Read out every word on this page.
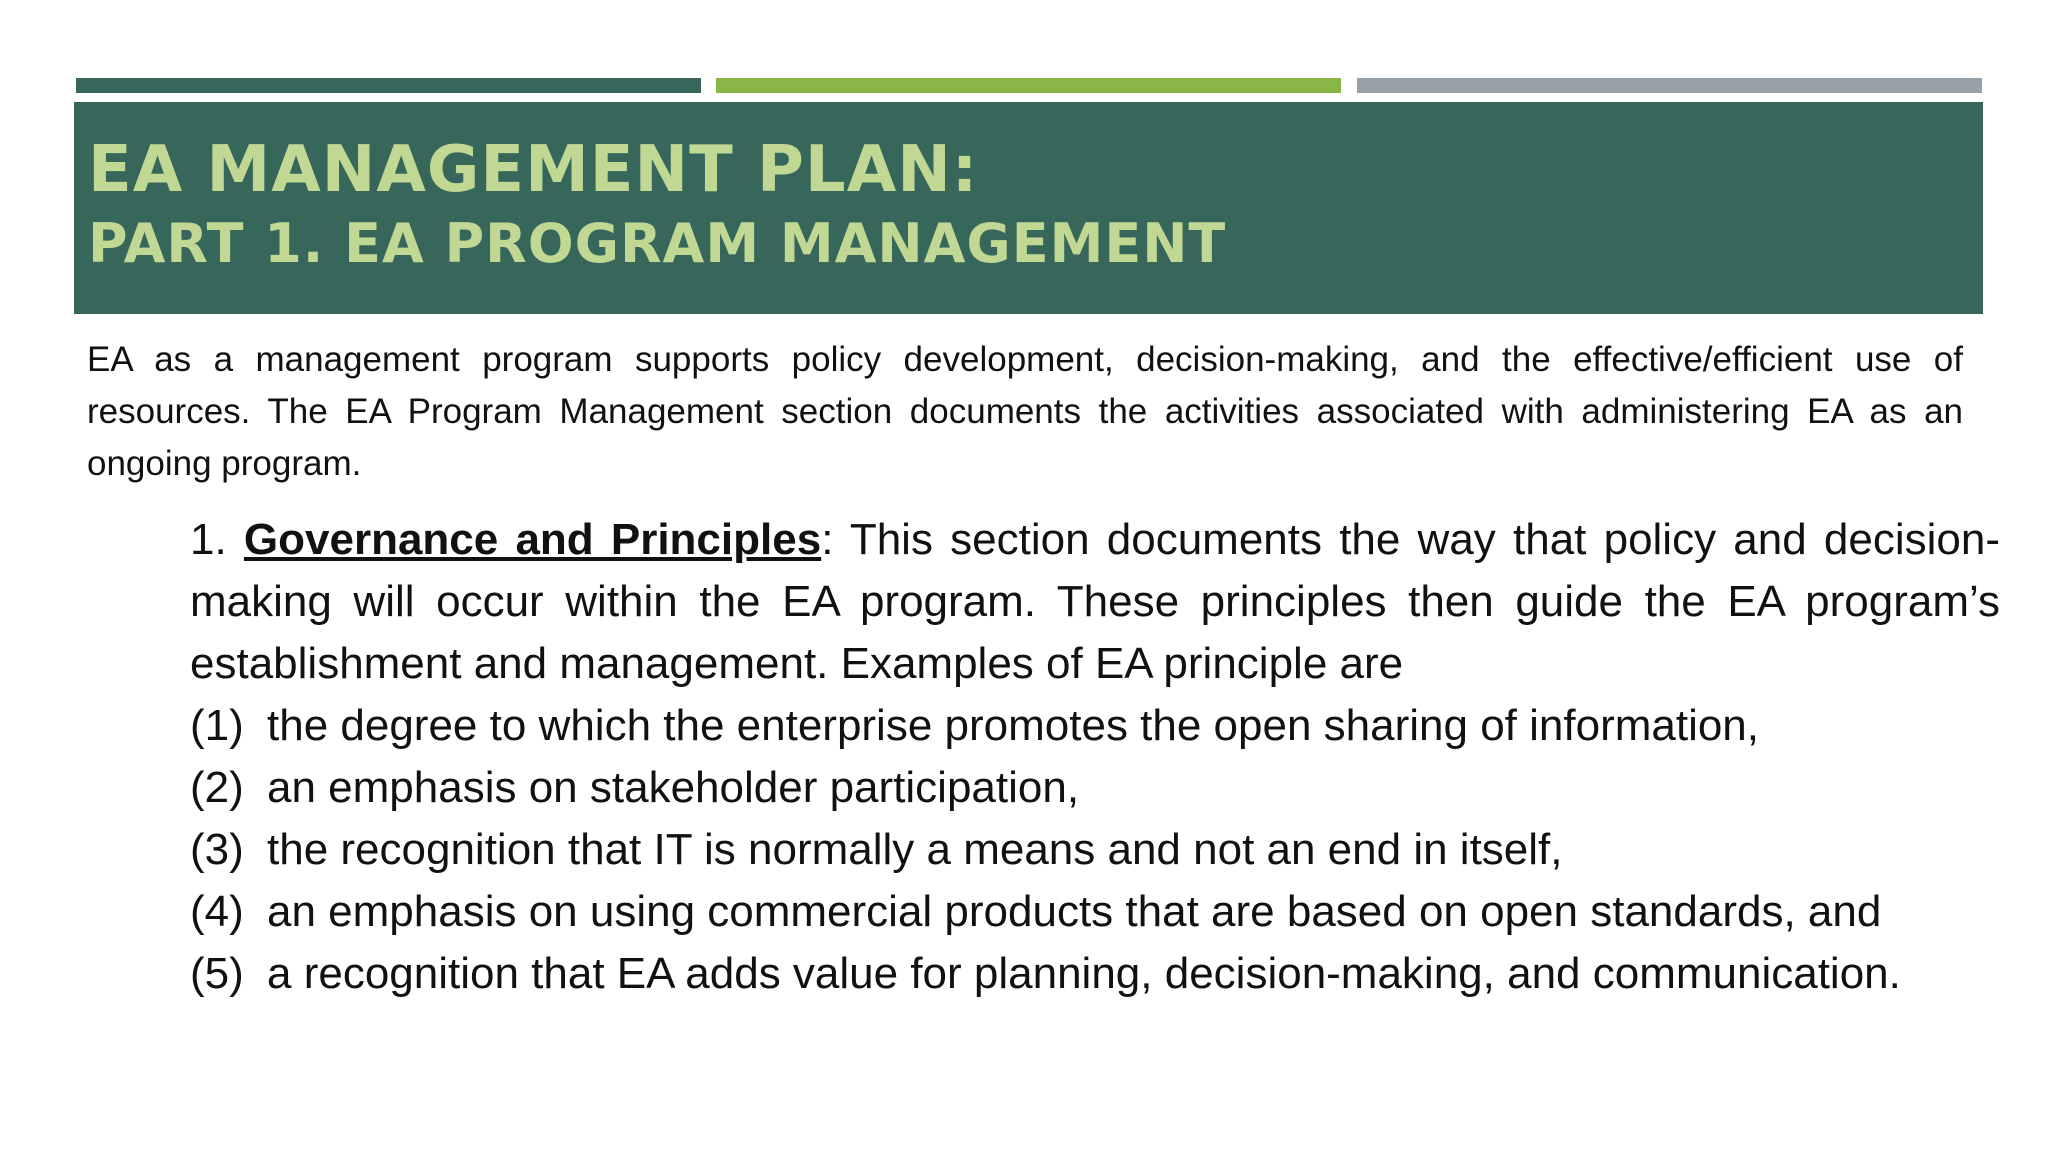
EA MANAGEMENT PLAN:
PART 1. EA PROGRAM MANAGEMENT

EA as a management program supports policy development, decision-making, and the effective/efficient use of resources. The EA Program Management section documents the activities associated with administering EA as an ongoing program.

1. Governance and Principles: This section documents the way that policy and decision-making will occur within the EA program. These principles then guide the EA program’s establishment and management. Examples of EA principle are

(1) the degree to which the enterprise promotes the open sharing of information,
(2) an emphasis on stakeholder participation,
(3) the recognition that IT is normally a means and not an end in itself,
(4) an emphasis on using commercial products that are based on open standards, and
(5) a recognition that EA adds value for planning, decision-making, and communication.
